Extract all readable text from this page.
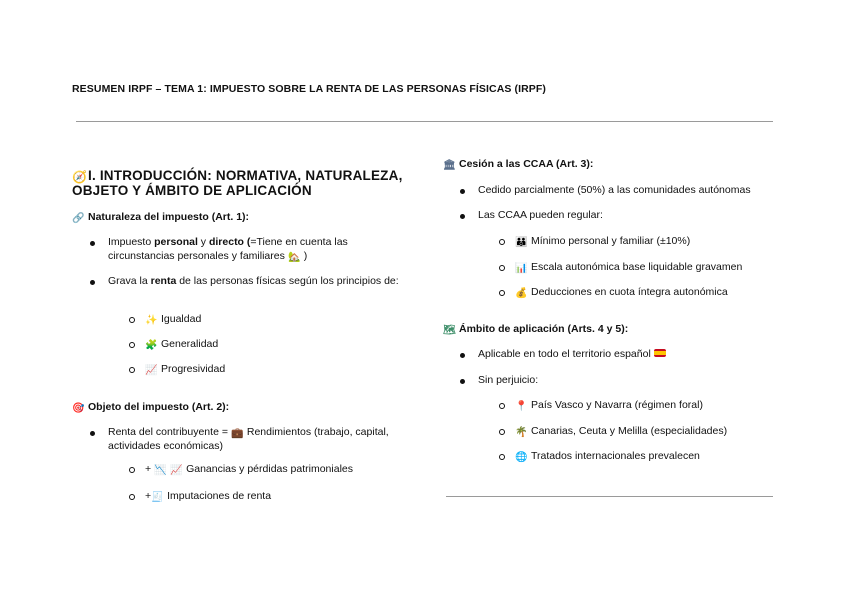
RESUMEN IRPF – TEMA 1: IMPUESTO SOBRE LA RENTA DE LAS PERSONAS FÍSICAS (IRPF)
🧭I. INTRODUCCIÓN: NORMATIVA, NATURALEZA,
OBJETO Y ÁMBITO DE APLICACIÓN
🔗 Naturaleza del impuesto (Art. 1):
Impuesto personal y directo (=Tiene en cuenta las circunstancias personales y familiares 🏡 )
Grava la renta de las personas físicas según los principios de:
✨ Igualdad
🧩 Generalidad
📈 Progresividad
🎯 Objeto del impuesto (Art. 2):
Renta del contribuyente = 💼 Rendimientos (trabajo, capital, actividades económicas)
+ 📉 📈 Ganancias y pérdidas patrimoniales
+🧾 Imputaciones de renta
🏛 Cesión a las CCAA (Art. 3):
Cedido parcialmente (50%) a las comunidades autónomas
Las CCAA pueden regular:
👪 Mínimo personal y familiar (±10%)
📊 Escala autonómica base liquidable gravamen
💰 Deducciones en cuota íntegra autonómica
🗺 Ámbito de aplicación (Arts. 4 y 5):
Aplicable en todo el territorio español
Sin perjuicio:
📍 País Vasco y Navarra (régimen foral)
🌴 Canarias, Ceuta y Melilla (especialidades)
🌐 Tratados internacionales prevalecen
